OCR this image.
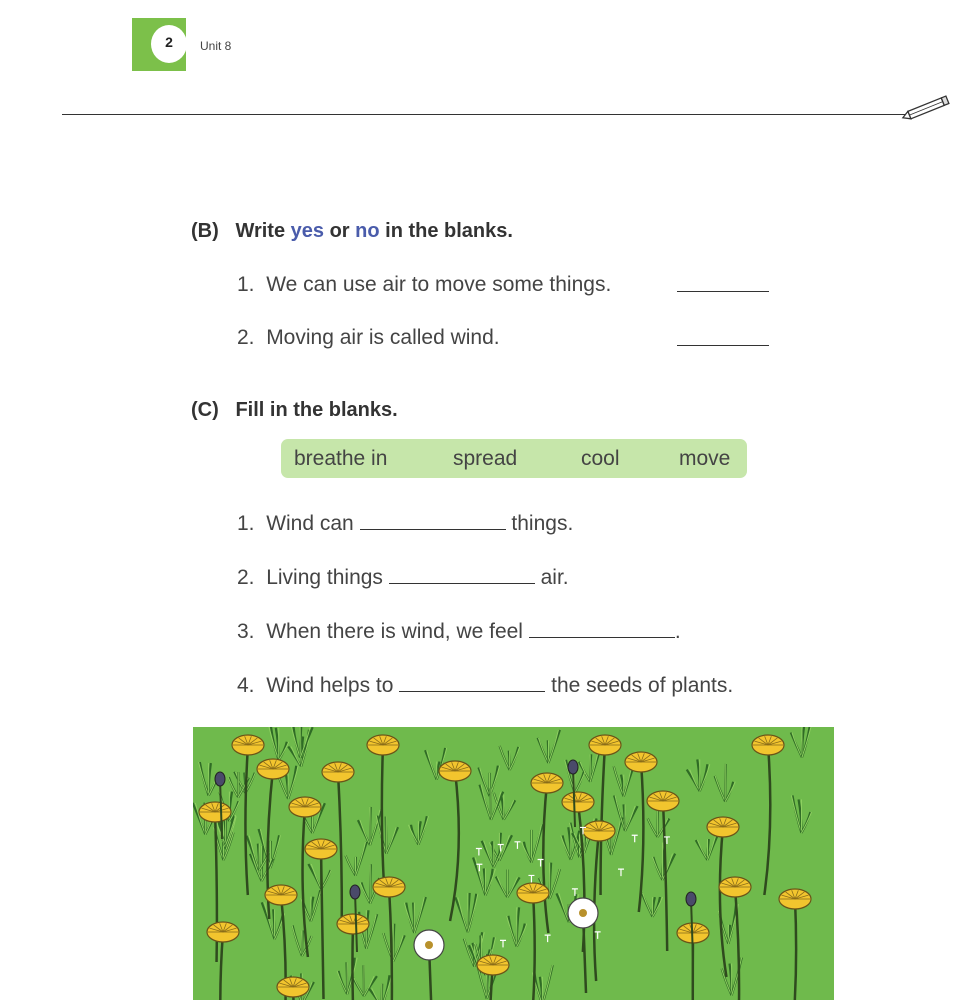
2	Unit 8
(B) Write yes or no in the blanks.
1. We can use air to move some things.
2. Moving air is called wind.
(C) Fill in the blanks.
breathe in	spread	cool	move
1. Wind can	things.
2. Living things	air.
3. When there is wind, we feel	.
4. Wind helps to	the seeds of plants.
